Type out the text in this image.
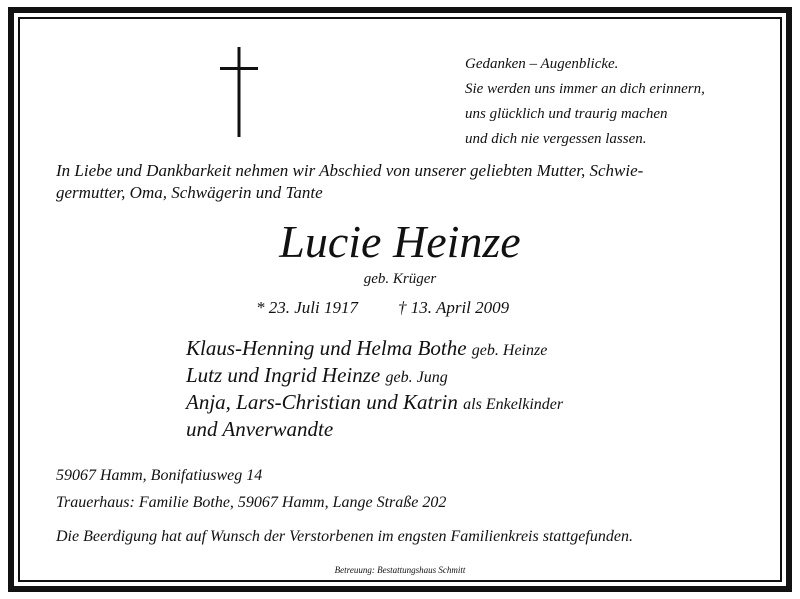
Gedanken – Augenblicke.
Sie werden uns immer an dich erinnern,
uns glücklich und traurig machen
und dich nie vergessen lassen.
In Liebe und Dankbarkeit nehmen wir Abschied von unserer geliebten Mutter, Schwie-
germutter, Oma, Schwägerin und Tante
Lucie Heinze
geb. Krüger
* 23. Juli 1917 † 13. April 2009
Klaus-Henning und Helma Bothe geb. Heinze
Lutz und Ingrid Heinze geb. Jung
Anja, Lars-Christian und Katrin als Enkelkinder
und Anverwandte
59067 Hamm, Bonifatiusweg 14
Trauerhaus: Familie Bothe, 59067 Hamm, Lange Straße 202
Die Beerdigung hat auf Wunsch der Verstorbenen im engsten Familienkreis stattgefunden.
Betreuung: Bestattungshaus Schmitt
